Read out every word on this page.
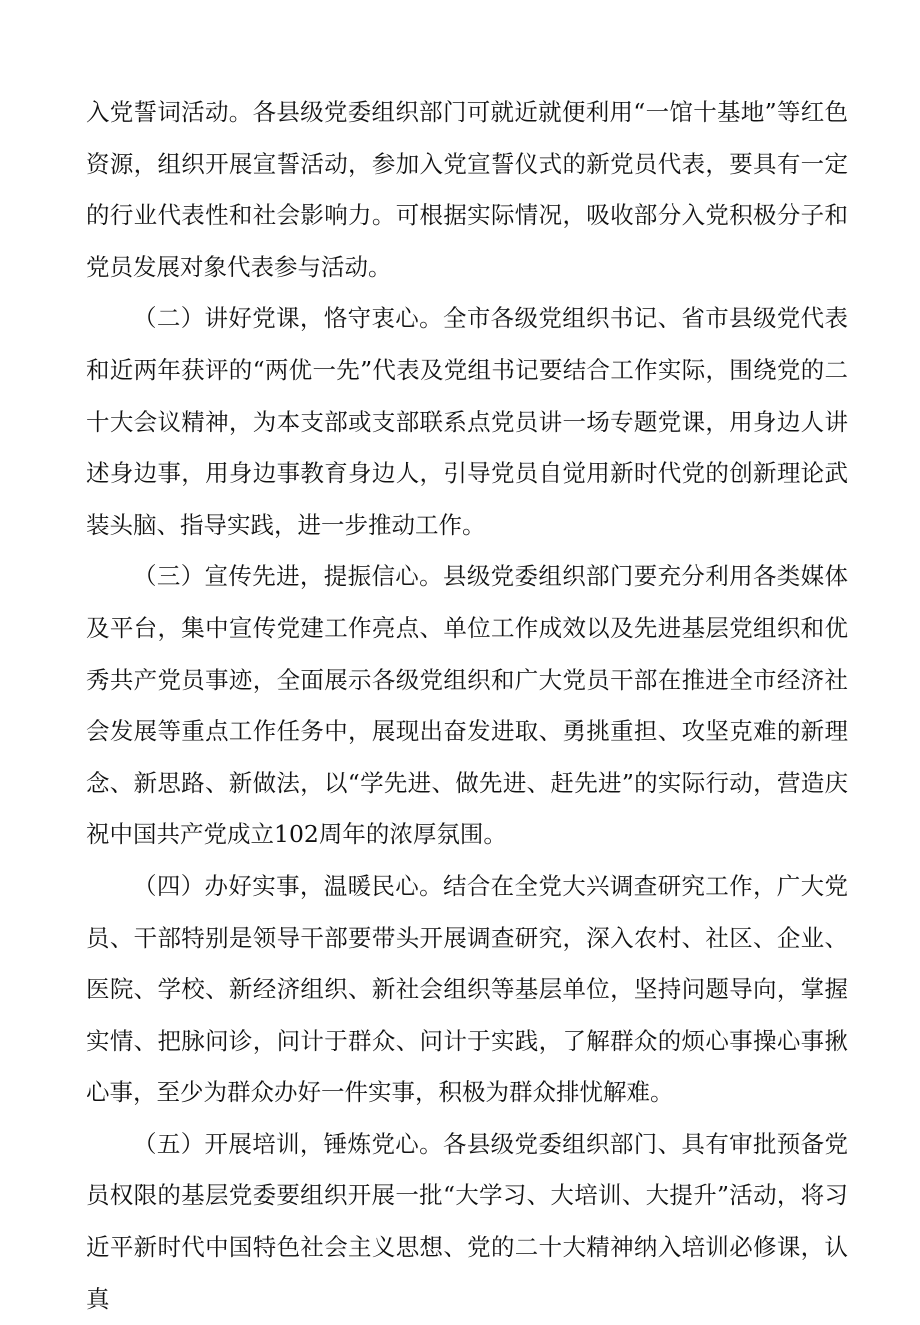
入党誓词活动。各县级党委组织部门可就近就便利用“一馆十基地”等红色资源，组织开展宣誓活动，参加入党宣誓仪式的新党员代表，要具有一定的行业代表性和社会影响力。可根据实际情况，吸收部分入党积极分子和党员发展对象代表参与活动。

（二）讲好党课，恪守衷心。全市各级党组织书记、省市县级党代表和近两年获评的“两优一先”代表及党组书记要结合工作实际，围绕党的二十大会议精神，为本支部或支部联系点党员讲一场专题党课，用身边人讲述身边事，用身边事教育身边人，引导党员自觉用新时代党的创新理论武装头脑、指导实践，进一步推动工作。

（三）宣传先进，提振信心。县级党委组织部门要充分利用各类媒体及平台，集中宣传党建工作亮点、单位工作成效以及先进基层党组织和优秀共产党员事迹，全面展示各级党组织和广大党员干部在推进全市经济社会发展等重点工作任务中，展现出奋发进取、勇挑重担、攻坚克难的新理念、新思路、新做法，以“学先进、做先进、赶先进”的实际行动，营造庆祝中国共产党成立102周年的浓厚氛围。

（四）办好实事，温暖民心。结合在全党大兴调查研究工作，广大党员、干部特别是领导干部要带头开展调查研究，深入农村、社区、企业、医院、学校、新经济组织、新社会组织等基层单位，坚持问题导向，掌握实情、把脉问诊，问计于群众、问计于实践，了解群众的烦心事操心事揪心事，至少为群众办好一件实事，积极为群众排忧解难。

（五）开展培训，锤炼党心。各县级党委组织部门、具有审批预备党员权限的基层党委要组织开展一批“大学习、大培训、大提升”活动，将习近平新时代中国特色社会主义思想、党的二十大精神纳入培训必修课，认真
